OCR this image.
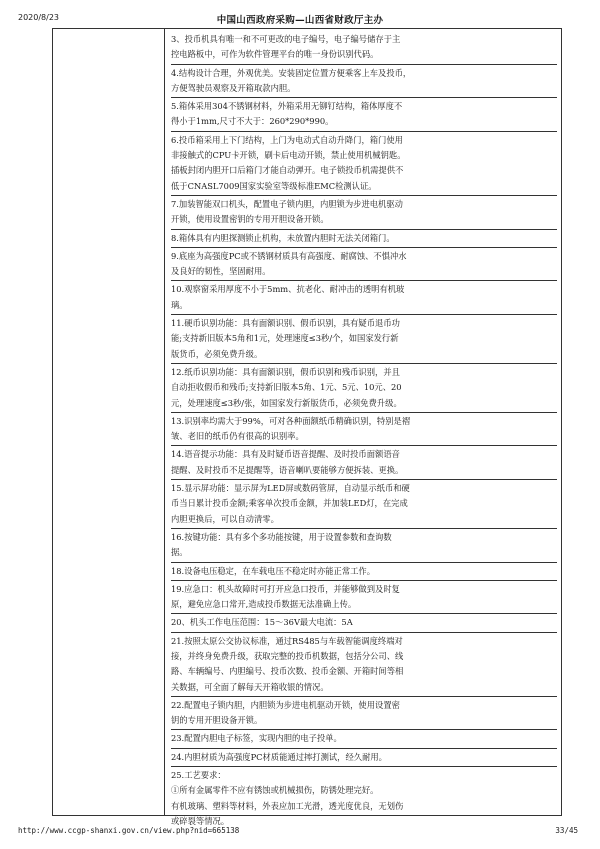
2020/8/23	中国山西政府采购—山西省财政厅主办
3、投币机具有唯一和不可更改的电子编号，电子编号储存于主
控电路板中，可作为软件管理平台的唯一身份识别代码。
4.结构设计合理，外观优美。安装固定位置方便乘客上车及投币，
方便驾驶员观察及开箱取款内胆。
5.箱体采用304不锈钢材料，外箱采用无铆钉结构，箱体厚度不
得小于1mm,尺寸不大于：260*290*990。
6.投币箱采用上下门结构，上门为电动式自动升降门，箱门使用
非接触式的CPU卡开锁，刷卡后电动开锁，禁止使用机械钥匙。
插板封闭内胆开口后箱门才能自动弹开。电子锁投币机需提供不
低于CNASL7009国家实验室等级标准EMC检测认证。
7.加装智能双口机头，配置电子锁内胆，内胆锁为步进电机驱动
开锁，使用设置密钥的专用开胆设备开锁。
8.箱体具有内胆探测锁止机构，未放置内胆时无法关闭箱门。
9.底座为高强度PC或不锈钢材质具有高强度、耐腐蚀、不惧冲水
及良好的韧性，坚固耐用。
10.观察窗采用厚度不小于5mm、抗老化、耐冲击的透明有机玻
璃。
11.硬币识别功能：具有面额识别、假币识别，具有疑币退币功
能;支持新旧版本5角和1元，处理速度≤3秒/个，如国家发行新
版货币，必须免费升级。
12.纸币识别功能：具有面额识别，假币识别和残币识别，并且
自动拒收假币和残币;支持新旧版本5角、1元、5元、10元、20
元，处理速度≤3秒/张，如国家发行新版货币，必须免费升级。
13.识别率均需大于99%，可对各种面额纸币精确识别，特别是褶
皱、老旧的纸币仍有很高的识别率。
14.语音提示功能：具有及时疑币语音提醒、及时投币面额语音
提醒、及时投币不足提醒等，语音喇叭要能够方便拆装、更换。
15.显示屏功能：显示屏为LED屏或数码管屏，自动显示纸币和硬
币当日累计投币金额;乘客单次投币金额，并加装LED灯，在完成
内胆更换后，可以自动清零。
16.按键功能：具有多个多功能按键，用于设置参数和查询数
据。
18.设备电压稳定，在车载电压不稳定时亦能正常工作。
19.应急口：机头故障时可打开应急口投币，并能够做到及时复
原，避免应急口常开,造成投币数据无法准确上传。
20、机头工作电压范围：15～36V最大电流：5A
21.按照太原公交协议标准，通过RS485与车载智能调度终端对
接，并终身免费升级，获取完整的投币机数据，包括分公司、线
路、车辆编号、内胆编号、投币次数、投币金额、开箱时间等相
关数据，可全面了解每天开箱收银的情况。
22.配置电子锁内胆，内胆锁为步进电机驱动开锁，使用设置密
钥的专用开胆设备开锁。
23.配置内胆电子标签，实现内胆的电子投单。
24.内胆材质为高强度PC材质能通过摔打测试，经久耐用。
25.工艺要求：
①所有金属零件不应有锈蚀或机械损伤，防锈处理完好。
有机玻璃、塑料等材料，外表应加工光滑，透光度优良，无划伤
或碎裂等情况。
http://www.ccgp-shanxi.gov.cn/view.php?nid=665138	33/45
